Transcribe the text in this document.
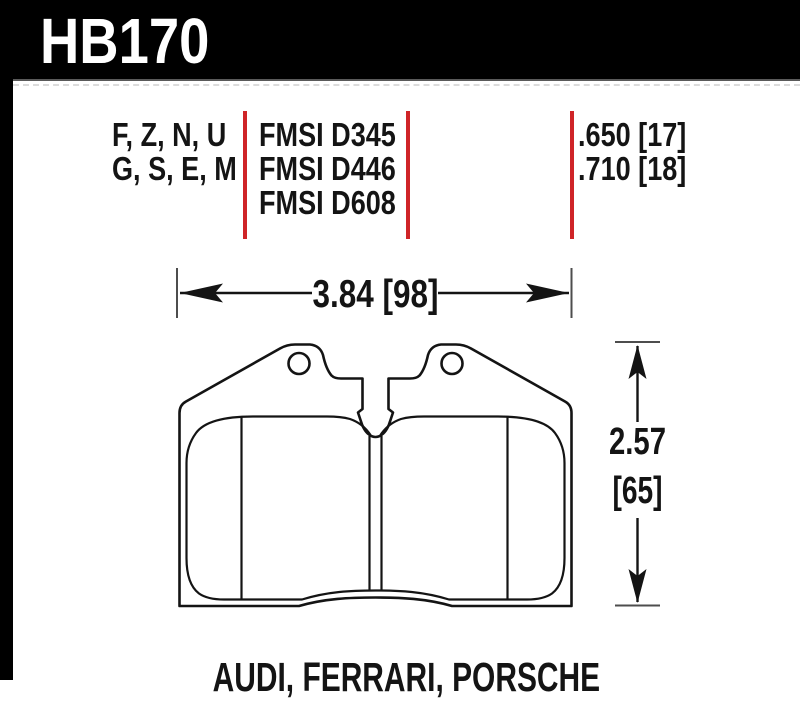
HB170
F, Z, N, U
G, S, E, M
FMSI D345
FMSI D446
FMSI D608
.650 [17]
.710 [18]
3.84 [98]
2.57
[65]
AUDI, FERRARI, PORSCHE
